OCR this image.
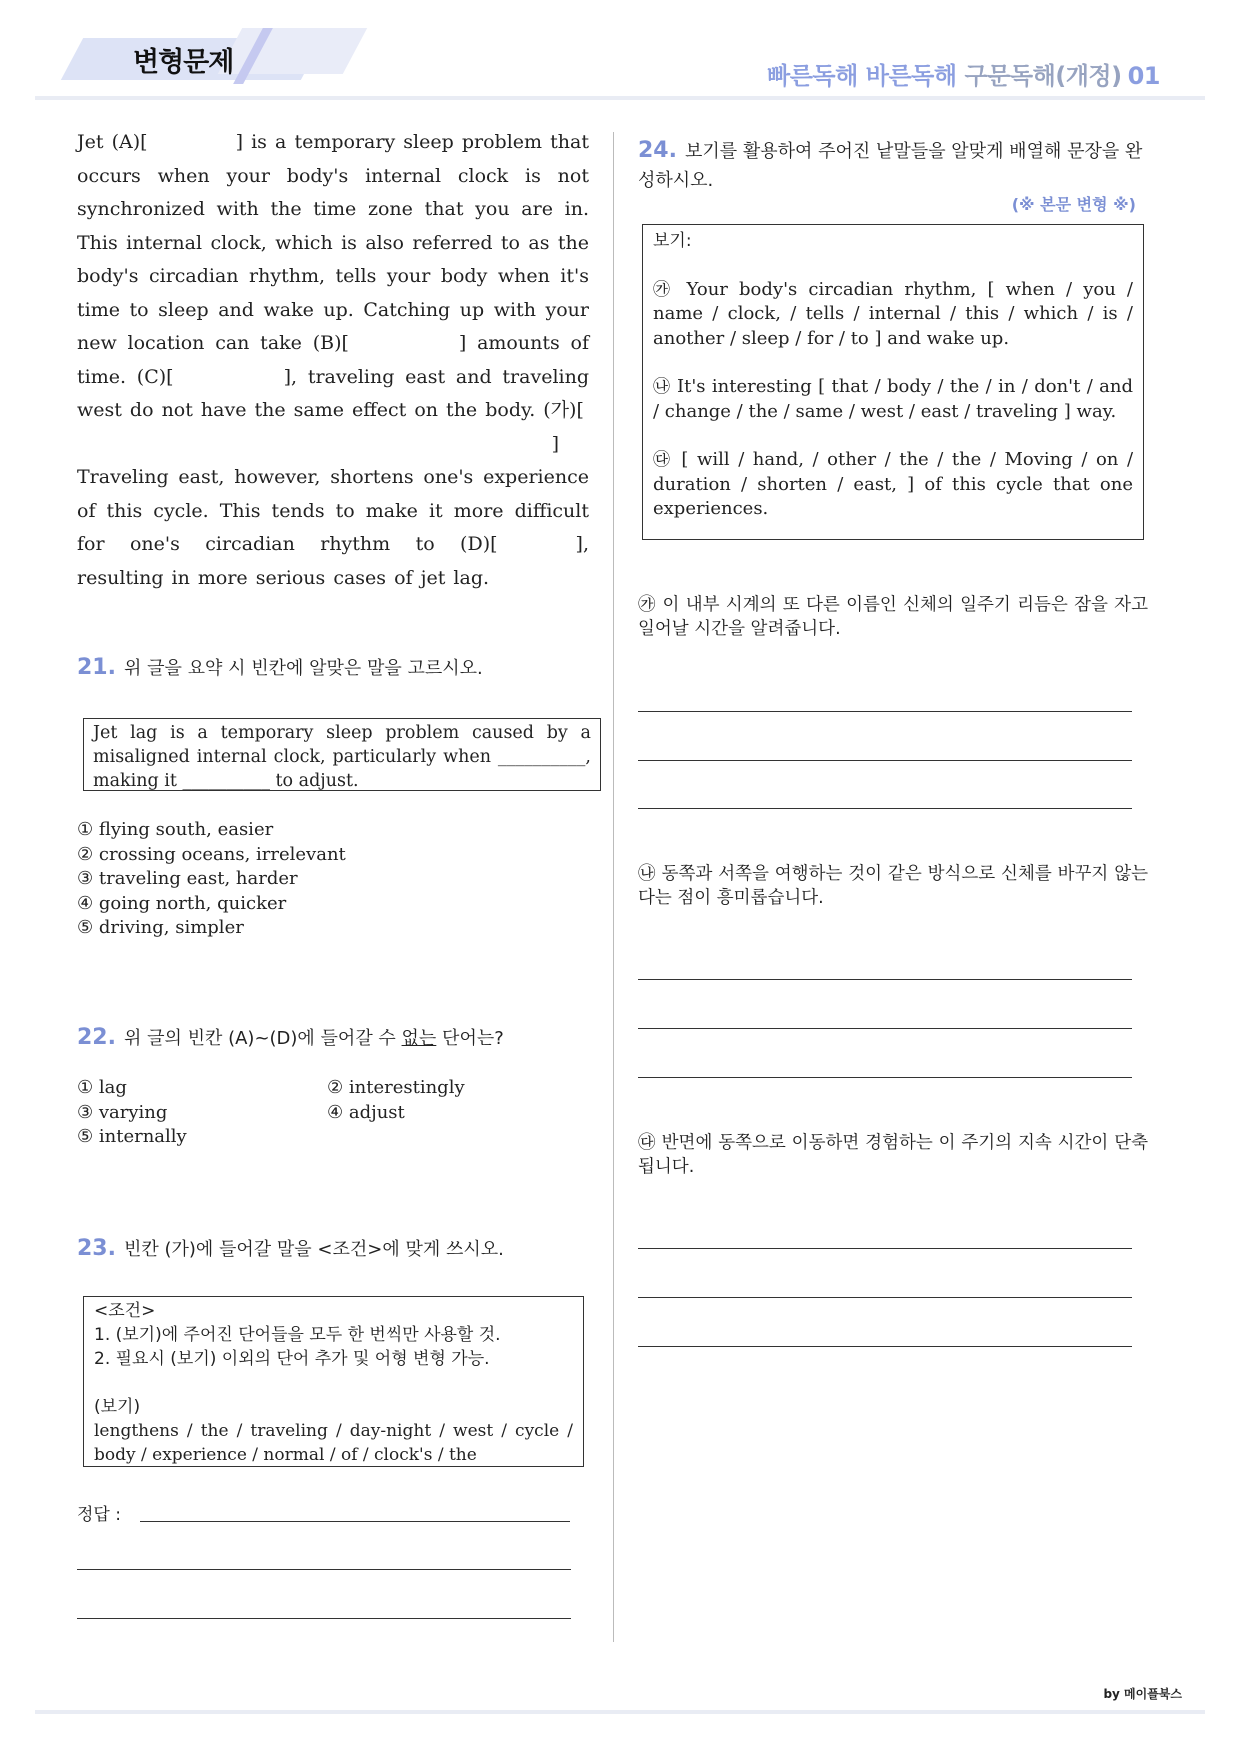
변형문제	빠른독해 바른독해 구문독해(개정) 01

Jet (A)[	] is a temporary sleep problem that occurs when your body's internal clock is not synchronized with the time zone that you are in. This internal clock, which is also referred to as the body's circadian rhythm, tells your body when it's time to sleep and wake up. Catching up with your new location can take (B)[	] amounts of time. (C)[	], traveling east and traveling west do not have the same effect on the body. (가)[
]

Traveling east, however, shortens one's experience of this cycle. This tends to make it more difficult for one's circadian rhythm to (D)[	], resulting in more serious cases of jet lag.

21. 위 글을 요약 시 빈칸에 알맞은 말을 고르시오.
Jet lag is a temporary sleep problem caused by a misaligned internal clock, particularly when __________, making it __________ to adjust.
① flying south, easier
② crossing oceans, irrelevant
③ traveling east, harder
④ going north, quicker
⑤ driving, simpler
22. 위 글의 빈칸 (A)~(D)에 들어갈 수 없는 단어는?
① lag
③ varying
⑤ internally
② interestingly
④ adjust
23. 빈칸 (가)에 들어갈 말을 <조건>에 맞게 쓰시오.
<조건>
1. (보기)에 주어진 단어들을 모두 한 번씩만 사용할 것.
2. 필요시 (보기) 이외의 단어 추가 및 어형 변형 가능.
(보기)
lengthens / the / traveling / day-night / west / cycle / body / experience / normal / of / clock's / the
정답 :
24. 보기를 활용하여 주어진 낱말들을 알맞게 배열해 문장을 완성하시오.
(※ 본문 변형 ※)

보기:

㉮ Your body's circadian rhythm, [ when / you / name / clock, / tells / internal / this / which / is / another / sleep / for / to ] and wake up.

㉯ It's interesting [ that / body / the / in / don't / and / change / the / same / west / east / traveling ] way.

㉰ [ will / hand, / other / the / the / Moving / on / duration / shorten / east, ] of this cycle that one experiences.

㉮ 이 내부 시계의 또 다른 이름인 신체의 일주기 리듬은 잠을 자고 일어날 시간을 알려줍니다.
㉯ 동쪽과 서쪽을 여행하는 것이 같은 방식으로 신체를 바꾸지 않는다는 점이 흥미롭습니다.
㉰ 반면에 동쪽으로 이동하면 경험하는 이 주기의 지속 시간이 단축됩니다.
by 메이플북스
